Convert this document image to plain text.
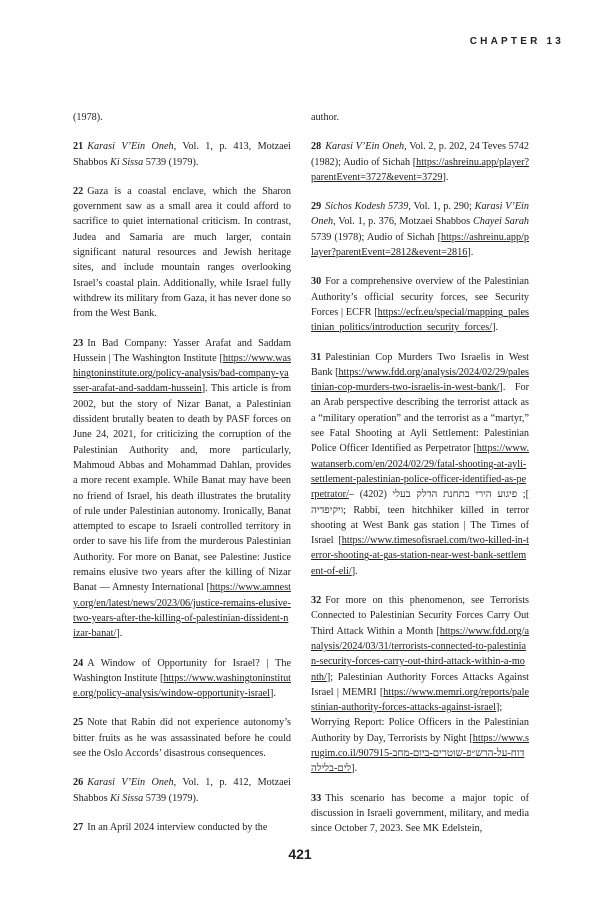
CHAPTER 13

(1978).

21 Karasi V’Ein Oneh, Vol. 1, p. 413, Motzaei Shabbos Ki Sissa 5739 (1979).

22 Gaza is a coastal enclave, which the Sharon government saw as a small area it could afford to sacrifice to quiet international criticism. In contrast, Judea and Samaria are much larger, contain significant natural resources and Jewish heritage sites, and include mountain ranges overlooking Israel’s coastal plain. Additionally, while Israel fully withdrew its military from Gaza, it has never done so from the West Bank.

23 In Bad Company: Yasser Arafat and Saddam Hussein | The Washington Institute [https://www.washingtoninstitute.org/policy-analysis/bad-company-yasser-arafat-and-saddam-hussein]. This article is from 2002, but the story of Nizar Banat, a Palestinian dissident brutally beaten to death by PASF forces on June 24, 2021, for criticizing the corruption of the Palestinian Authority and, more particularly, Mahmoud Abbas and Mohammad Dahlan, provides a more recent example. While Banat may have been no friend of Israel, his death illustrates the brutality of rule under Palestinian autonomy. Ironically, Banat attempted to escape to Israeli controlled territory in order to save his life from the murderous Palestinian Authority. For more on Banat, see Palestine: Justice remains elusive two years after the killing of Nizar Banat — Amnesty International [https://www.amnesty.org/en/latest/news/2023/06/justice-remains-elusive-two-years-after-the-killing-of-palestinian-dissident-nizar-banat/].

24 A Window of Opportunity for Israel? | The Washington Institute [https://www.washingtoninstitute.org/policy-analysis/window-opportunity-israel].

25 Note that Rabin did not experience autonomy’s bitter fruits as he was assassinated before he could see the Oslo Accords’ disastrous consequences.

26 Karasi V’Ein Oneh, Vol. 1, p. 412, Motzaei Shabbos Ki Sissa 5739 (1979).

27 In an April 2024 interview conducted by the

author.

28 Karasi V’Ein Oneh, Vol. 2, p. 202, 24 Teves 5742 (1982); Audio of Sichah [https://ashreinu.app/player?parentEvent=3727&event=3729].

29 Sichos Kodesh 5739, Vol. 1, p. 290; Karasi V’Ein Oneh, Vol. 1, p. 376, Motzaei Shabbos Chayei Sarah 5739 (1978); Audio of Sichah [https://ashreinu.app/player?parentEvent=2812&event=2816].

30 For a comprehensive overview of the Palestinian Authority’s official security forces, see Security Forces | ECFR [https://ecfr.eu/special/mapping_palestinian_politics/introduction_security_forces/].

31 Palestinian Cop Murders Two Israelis in West Bank [https://www.fdd.org/analysis/2024/02/29/palestinian-cop-murders-two-israelis-in-west-bank/]. For an Arab perspective describing the terrorist attack as a “military operation” and the terrorist as a “martyr,” see Fatal Shooting at Ayli Settlement: Palestinian Police Officer Identified as Perpetrator [https://www.watanserb.com/en/2024/02/29/fatal-shooting-at-ayli-settlement-palestinian-police-officer-identified-as-perpetrator/]; פיגוע הירי בתחנת הדלק בעלי (4202) – ויקיפדיה; Rabbi, teen hitchhiker killed in terror shooting at West Bank gas station | The Times of Israel [https://www.timesofisrael.com/two-killed-in-terror-shooting-at-gas-station-near-west-bank-settlement-of-eli/].

32 For more on this phenomenon, see Terrorists Connected to Palestinian Security Forces Carry Out Third Attack Within a Month [https://www.fdd.org/analysis/2024/03/31/terrorists-connected-to-palestinian-security-forces-carry-out-third-attack-within-a-month/]; Palestinian Authority Forces Attacks Against Israel | MEMRI [https://www.memri.org/reports/palestinian-authority-forces-attacks-against-israel]; Worrying Report: Police Officers in the Palestinian Authority by Day, Terrorists by Night [https://www.srugim.co.il/907915-דוח-על-הרש״פ-שוטרים-ביום-מחבלים-בלילה].

33 This scenario has become a major topic of discussion in Israeli government, military, and media since October 7, 2023. See MK Edelstein,

421
